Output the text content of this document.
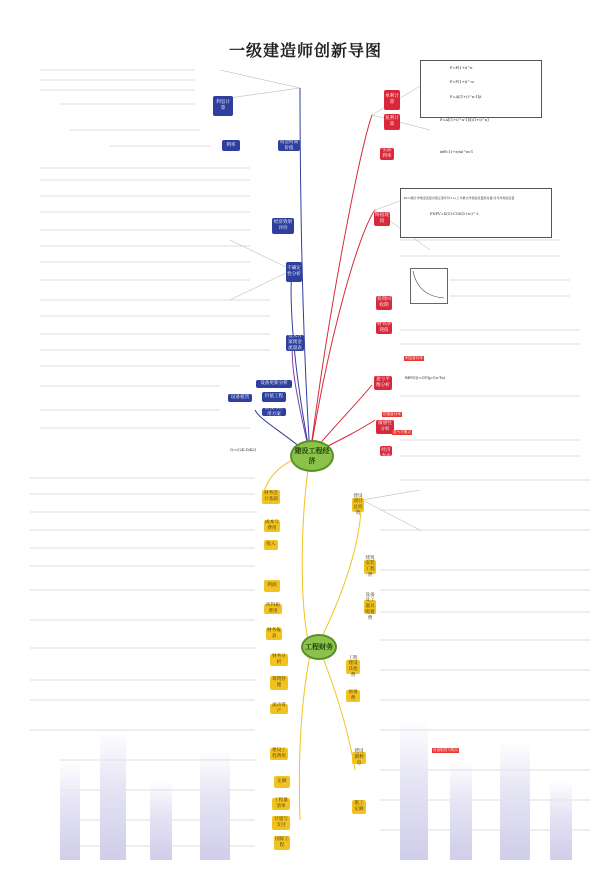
一级建造师创新导图
建设工程经济
工程财务
利息计算
利率
资金时间价值
经济效果评价
不确定性分析
技术方案现金流量表
设备更新分析
设备租赁	价值工程
新技术应用方案
单利计算
复利计算
实际利率
终值现值
投资回收期
财务净现值
盈亏平衡分析
敏感性分析
设备经济寿命
财务会计基础
成本与费用
收入
利润
所得税费用
财务报表
财务分析
筹资管理
流动资产
建设工程费用
定额
工程量清单
计量与支付
国际工程
建设项目总投资
建筑安装工程费
设备及工器具购置费
工程建设其他费
预备费
建设期利息
施工定额
F=P(1+i)^n
P=F(1+i)^-n
F=A[(1+i)^n-1]/i
P=A[(1+i)^n-1]/[i(1+i)^n]
ieff=(1+r/m)^m-1
Pt=(累计净现金流量出现正值年份-1)+上年累计净现金流量绝对值/当年净现金流量
FNPV=Σ(CI-CO)t(1+ic)^-t
BEP(Q)=CF/(p-Cu-Tu)
Q=√(2K·D/K2)
利息备付率
偿债备付率
盈亏平衡点
设备租赁与购买
